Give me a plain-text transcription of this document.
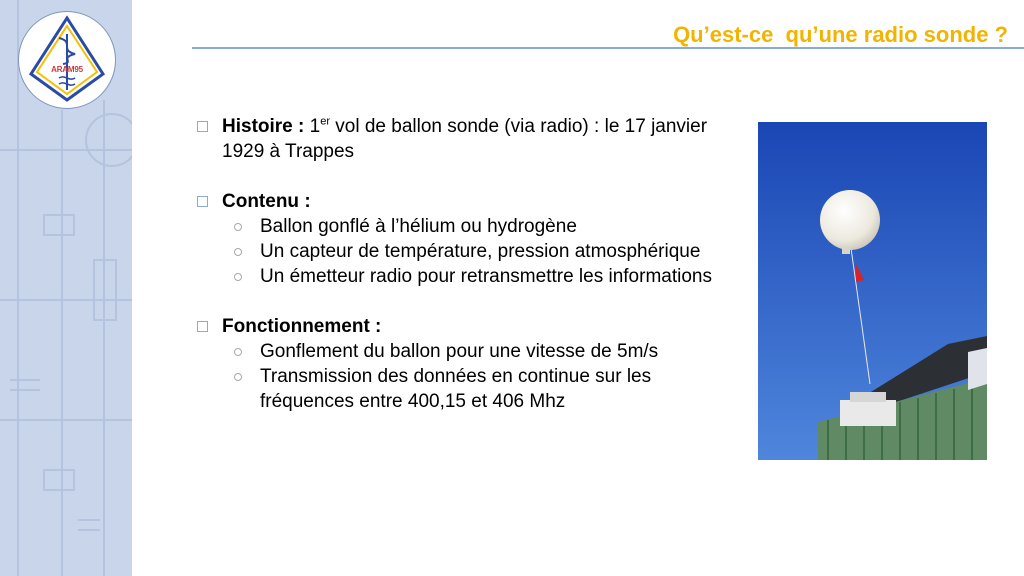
ARAM95
Qu’est-ce  qu’une radio sonde ?
Histoire : 1er vol de ballon sonde (via radio) : le 17 janvier 1929 à Trappes
Contenu :
Ballon gonflé à l’hélium ou hydrogène
Un capteur de température, pression atmosphérique
Un émetteur radio pour retransmettre les informations
Fonctionnement :
Gonflement du ballon pour une vitesse de 5m/s
Transmission des données en continue sur les fréquences entre 400,15 et 406 Mhz
